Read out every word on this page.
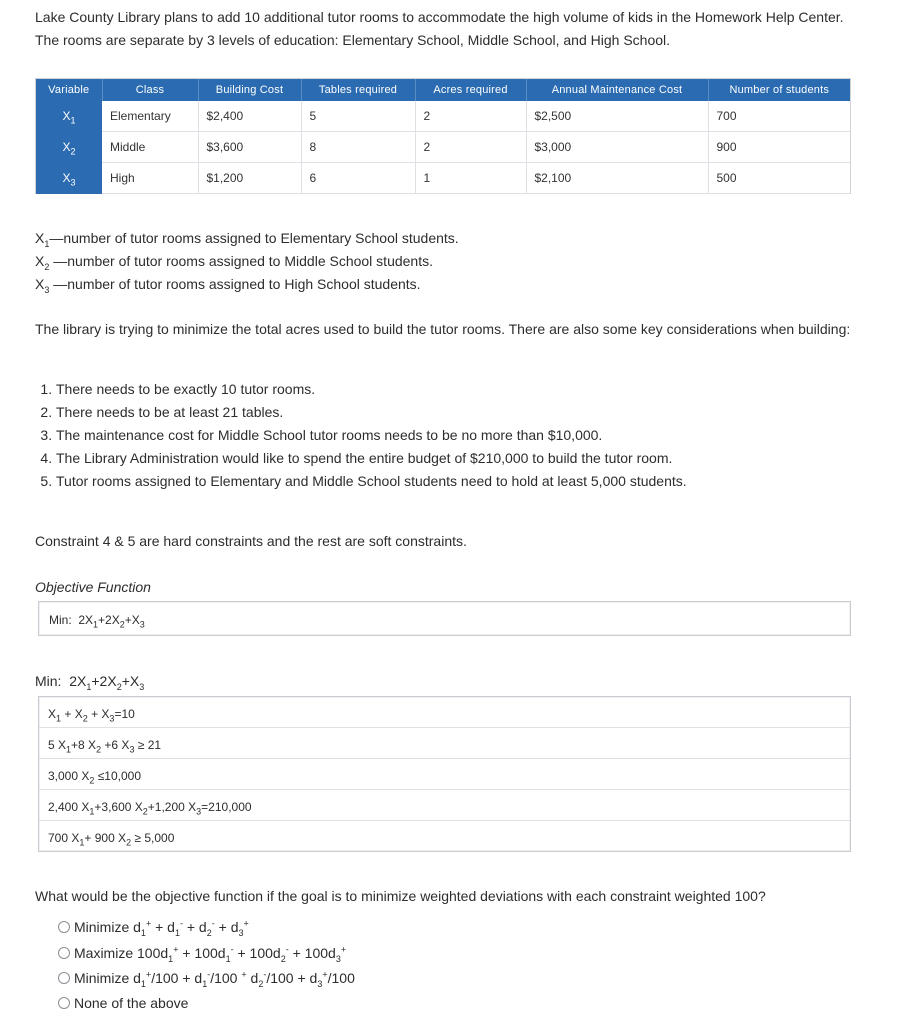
Lake County Library plans to add 10 additional tutor rooms to accommodate the high volume of kids in the Homework Help Center. The rooms are separate by 3 levels of education: Elementary School, Middle School, and High School.
Variable	Class	Building Cost	Tables required	Acres required	Annual Maintenance Cost	Number of students
$X_1$	Elementary	$2,400	5	2	$2,500	700
$X_2$	Middle	$3,600	8	2	$3,000	900
$X_3$	High	$1,200	6	1	$2,100	500
$X_1—number$ of tutor rooms assigned to Elementary School students.
$X_2$ —number of tutor rooms assigned to Middle School students.
$X_3$ —number of tutor rooms assigned to High School students.
The library is trying to minimize the total acres used to build the tutor rooms. There are also some key considerations when building:
1. There needs to be exactly 10 tutor rooms.
2. There needs to be at least 21 tables.
3. The maintenance cost for Middle School tutor rooms needs to be no more than $10,000.
4. The Library Administration would like to spend the entire budget of $210,000 to build the tutor room.
5. Tutor rooms assigned to Elementary and Middle School students need to hold at least 5,000 students.
Constraint 4 & 5 are hard constraints and the rest are soft constraints.
Objective Function
Min:  $2X_1+2X_2+X_3$
Min:  $2X_1+2X_2+X_3$
$X_1 + X_2 + X_3=10$
5 $X_1+8$ $X_2 +6$ $X_3 \ge 21$
3,000 $X_2 \le 10,000$
2,400 $X_1+3,600$ $X_2+1,200$ $X_3=210,000$
700 $X_1+ 900$ $X_2 \ge 5,000$
What would be the objective function if the goal is to minimize weighted deviations with each constraint weighted 100?
Minimize $d_1^+ + d_1^- + d_2^- + d_3^+$
Maximize $100d_1^+ + 100d_1^- + 100d_2^- + 100d_3^+$
Minimize $d_1^+/100 + d_1^-/100$ + $d_2^-/100 + d_3^+/100$
None of the above
